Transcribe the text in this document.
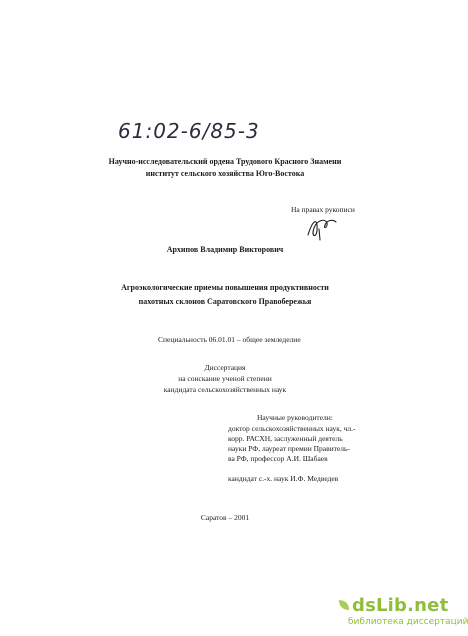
61:02-6/85-3
Научно-исследовательский ордена Трудового Красного Знамени
институт сельского хозяйства Юго-Востока
На правах рукописи
Архипов Владимир Викторович
Агроэкологические приемы повышения продуктивности
пахотных склонов Саратовского Правобережья
Специальность 06.01.01 – общее земледелие
Диссертация
на соискание ученой степени
кандидата сельскохозяйственных наук
Научные руководители:
доктор сельскохозяйственных наук, чл.-
корр. РАСХН, заслуженный деятель
науки РФ, лауреат премии Правитель-
ва РФ, профессор А.И. Шабаев
кандидат с.-х. наук И.Ф. Медведев
Саратов – 2001
dsLib.net
библиотека диссертаций
